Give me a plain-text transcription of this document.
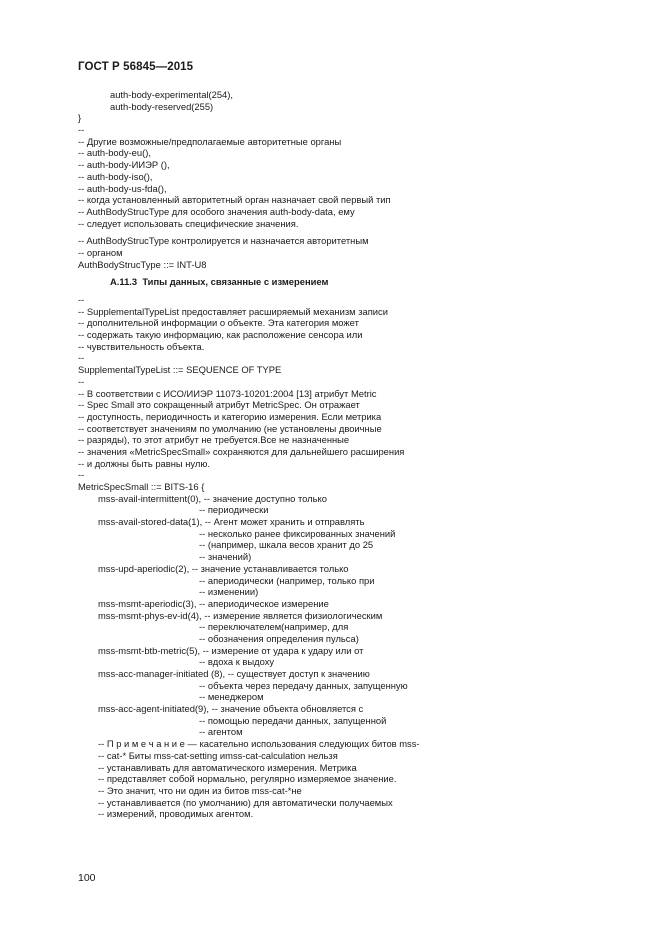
ГОСТ Р 56845—2015
auth-body-experimental(254),
auth-body-reserved(255)
}
--
-- Другие возможные/предполагаемые авторитетные органы
-- auth-body-eu(),
-- auth-body-ИИЭР (),
-- auth-body-iso(),
-- auth-body-us-fda(),
-- когда установленный авторитетный орган назначает свой первый тип
-- AuthBodyStrucType для особого значения auth-body-data, ему
-- следует использовать специфические значения.
-- AuthBodyStrucType контролируется и назначается авторитетным
-- органом
AuthBodyStrucType ::= INT-U8
A.11.3  Типы данных, связанные с измерением
--
-- SupplementalTypeList предоставляет расширяемый механизм записи
-- дополнительной информации о объекте. Эта категория может
-- содержать такую информацию, как расположение сенсора или
-- чувствительность объекта.
--
SupplementalTypeList ::= SEQUENCE OF TYPE
--
-- В соответствии с ИСО/ИИЭР 11073-10201:2004 [13] атрибут Metric
-- Spec Small это сокращенный атрибут MetricSpec. Он отражает
-- доступность, периодичность и категорию измерения. Если метрика
-- соответствует значениям по умолчанию (не установлены двоичные
-- разряды), то этот атрибут не требуется.Все не назначенные
-- значения «MetricSpecSmall» сохраняются для дальнейшего расширения
-- и должны быть равны нулю.
--
MetricSpecSmall ::= BITS-16 {
mss-avail-intermittent(0), -- значение доступно только
-- периодически
mss-avail-stored-data(1), -- Агент может хранить и отправлять
-- несколько ранее фиксированных значений
-- (например, шкала весов хранит до 25
-- значений)
mss-upd-aperiodic(2), -- значение устанавливается только
-- апериодически (например, только при
-- изменении)
mss-msmt-aperiodic(3), -- апериодическое измерение
mss-msmt-phys-ev-id(4), -- измерение является физиологическим
-- переключателем(например, для
-- обозначения определения пульса)
mss-msmt-btb-metric(5), -- измерение от удара к удару или от
-- вдоха к выдоху
mss-acc-manager-initiated (8), -- существует доступ к значению
-- объекта через передачу данных, запущенную
-- менеджером
mss-acc-agent-initiated(9), -- значение объекта обновляется с
-- помощью передачи данных, запущенной
-- агентом
-- П р и м е ч а н и е — касательно использования следующих битов mss-
-- cat-* Биты mss-cat-setting иmss-cat-calculation нельзя
-- устанавливать для автоматического измерения. Метрика
-- представляет собой нормально, регулярно измеряемое значение.
-- Это значит, что ни один из битов mss-cat-*не
-- устанавливается (по умолчанию) для автоматически получаемых
-- измерений, проводимых агентом.
100
